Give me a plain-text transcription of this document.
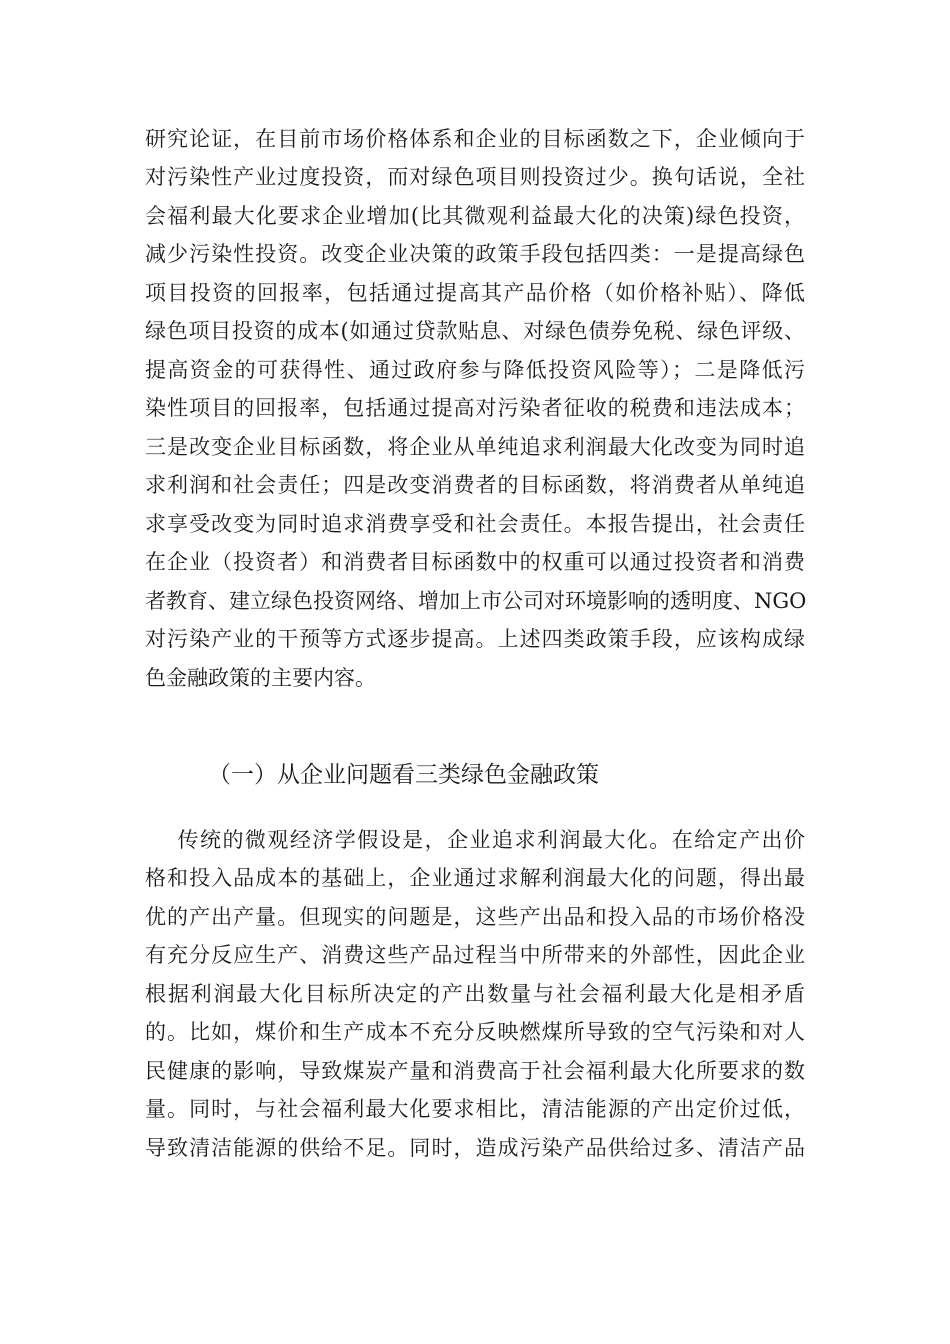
研究论证，在目前市场价格体系和企业的目标函数之下，企业倾向于
对污染性产业过度投资，而对绿色项目则投资过少。换句话说，全社
会福利最大化要求企业增加(比其微观利益最大化的决策)绿色投资，
减少污染性投资。改变企业决策的政策手段包括四类：一是提高绿色
项目投资的回报率，包括通过提高其产品价格（如价格补贴）、降低
绿色项目投资的成本(如通过贷款贴息、对绿色债券免税、绿色评级、
提高资金的可获得性、通过政府参与降低投资风险等）；二是降低污
染性项目的回报率，包括通过提高对污染者征收的税费和违法成本；
三是改变企业目标函数，将企业从单纯追求利润最大化改变为同时追
求利润和社会责任；四是改变消费者的目标函数，将消费者从单纯追
求享受改变为同时追求消费享受和社会责任。本报告提出，社会责任
在企业（投资者）和消费者目标函数中的权重可以通过投资者和消费
者教育、建立绿色投资网络、增加上市公司对环境影响的透明度、NGO
对污染产业的干预等方式逐步提高。上述四类政策手段，应该构成绿
色金融政策的主要内容。
（一）从企业问题看三类绿色金融政策
传统的微观经济学假设是，企业追求利润最大化。在给定产出价
格和投入品成本的基础上，企业通过求解利润最大化的问题，得出最
优的产出产量。但现实的问题是，这些产出品和投入品的市场价格没
有充分反应生产、消费这些产品过程当中所带来的外部性，因此企业
根据利润最大化目标所决定的产出数量与社会福利最大化是相矛盾
的。比如，煤价和生产成本不充分反映燃煤所导致的空气污染和对人
民健康的影响，导致煤炭产量和消费高于社会福利最大化所要求的数
量。同时，与社会福利最大化要求相比，清洁能源的产出定价过低，
导致清洁能源的供给不足。同时，造成污染产品供给过多、清洁产品
